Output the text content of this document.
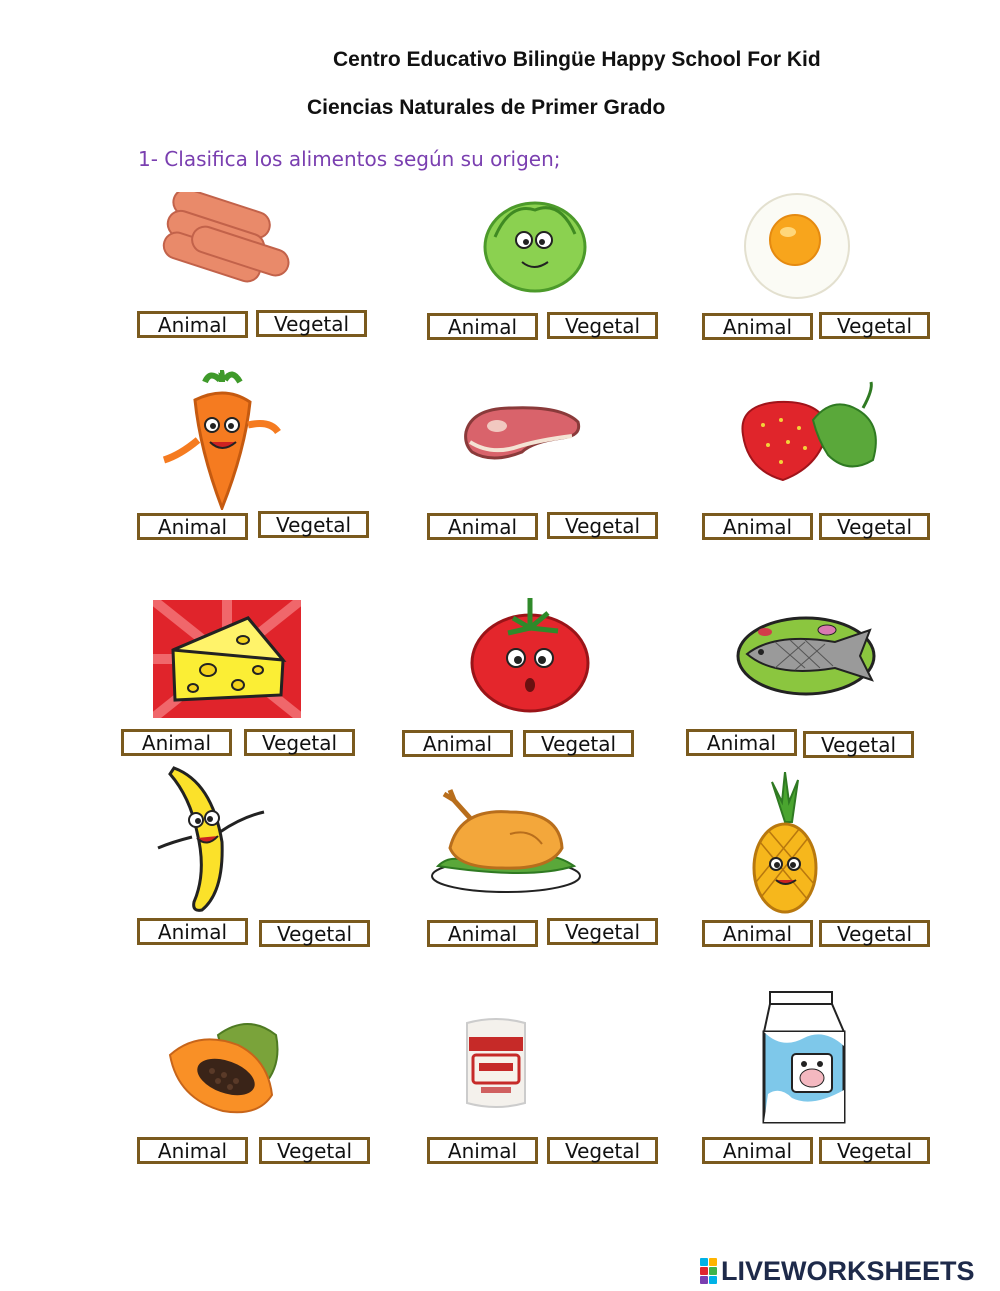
Centro Educativo Bilingüe Happy School For Kid
Ciencias Naturales de Primer Grado
1- Clasifica los alimentos según su origen;
Animal	Vegetal	Animal	Vegetal	Animal	Vegetal
Animal	Vegetal	Animal	Vegetal	Animal	Vegetal
Animal	Vegetal	Animal	Vegetal	Animal	Vegetal
Animal	Vegetal	Animal	Vegetal	Animal	Vegetal
Animal	Vegetal	Animal	Vegetal	Animal	Vegetal
LIVEWORKSHEETS
